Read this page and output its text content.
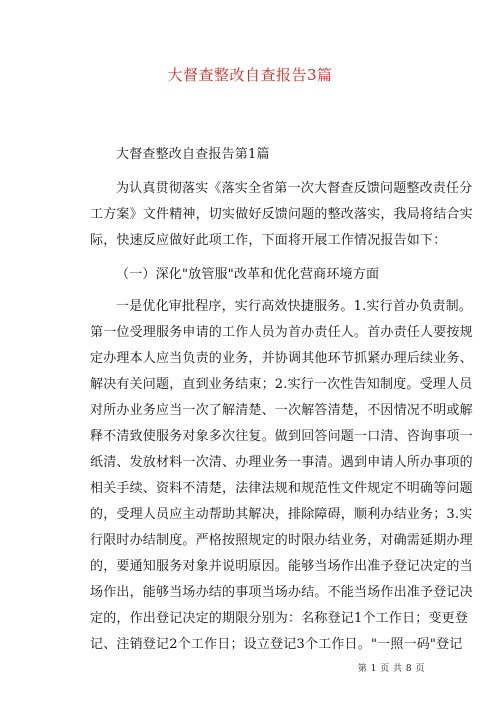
大督查整改自查报告3篇
大督查整改自查报告第1篇
为认真贯彻落实《落实全省第一次大督查反馈问题整改责任分
工方案》文件精神，切实做好反馈问题的整改落实，我局将结合实
际，快速反应做好此项工作，下面将开展工作情况报告如下：
（一）深化"放管服"改革和优化营商环境方面
一是优化审批程序，实行高效快捷服务。1.实行首办负责制。
第一位受理服务申请的工作人员为首办责任人。首办责任人要按规
定办理本人应当负责的业务，并协调其他环节抓紧办理后续业务、
解决有关问题，直到业务结束；2.实行一次性告知制度。受理人员
对所办业务应当一次了解清楚、一次解答清楚，不因情况不明或解
释不清致使服务对象多次往复。做到回答问题一口清、咨询事项一
纸清、发放材料一次清、办理业务一事清。遇到申请人所办事项的
相关手续、资料不清楚，法律法规和规范性文件规定不明确等问题
的，受理人员应主动帮助其解决，排除障碍，顺利办结业务；3.实
行限时办结制度。严格按照规定的时限办结业务，对确需延期办理
的，要通知服务对象并说明原因。能够当场作出准予登记决定的当
场作出，能够当场办结的事项当场办结。不能当场作出准予登记决
定的，作出登记决定的期限分别为：名称登记1个工作日；变更登
记、注销登记2个工作日；设立登记3个工作日。"一照一码"登记
第 1 页 共 8 页
